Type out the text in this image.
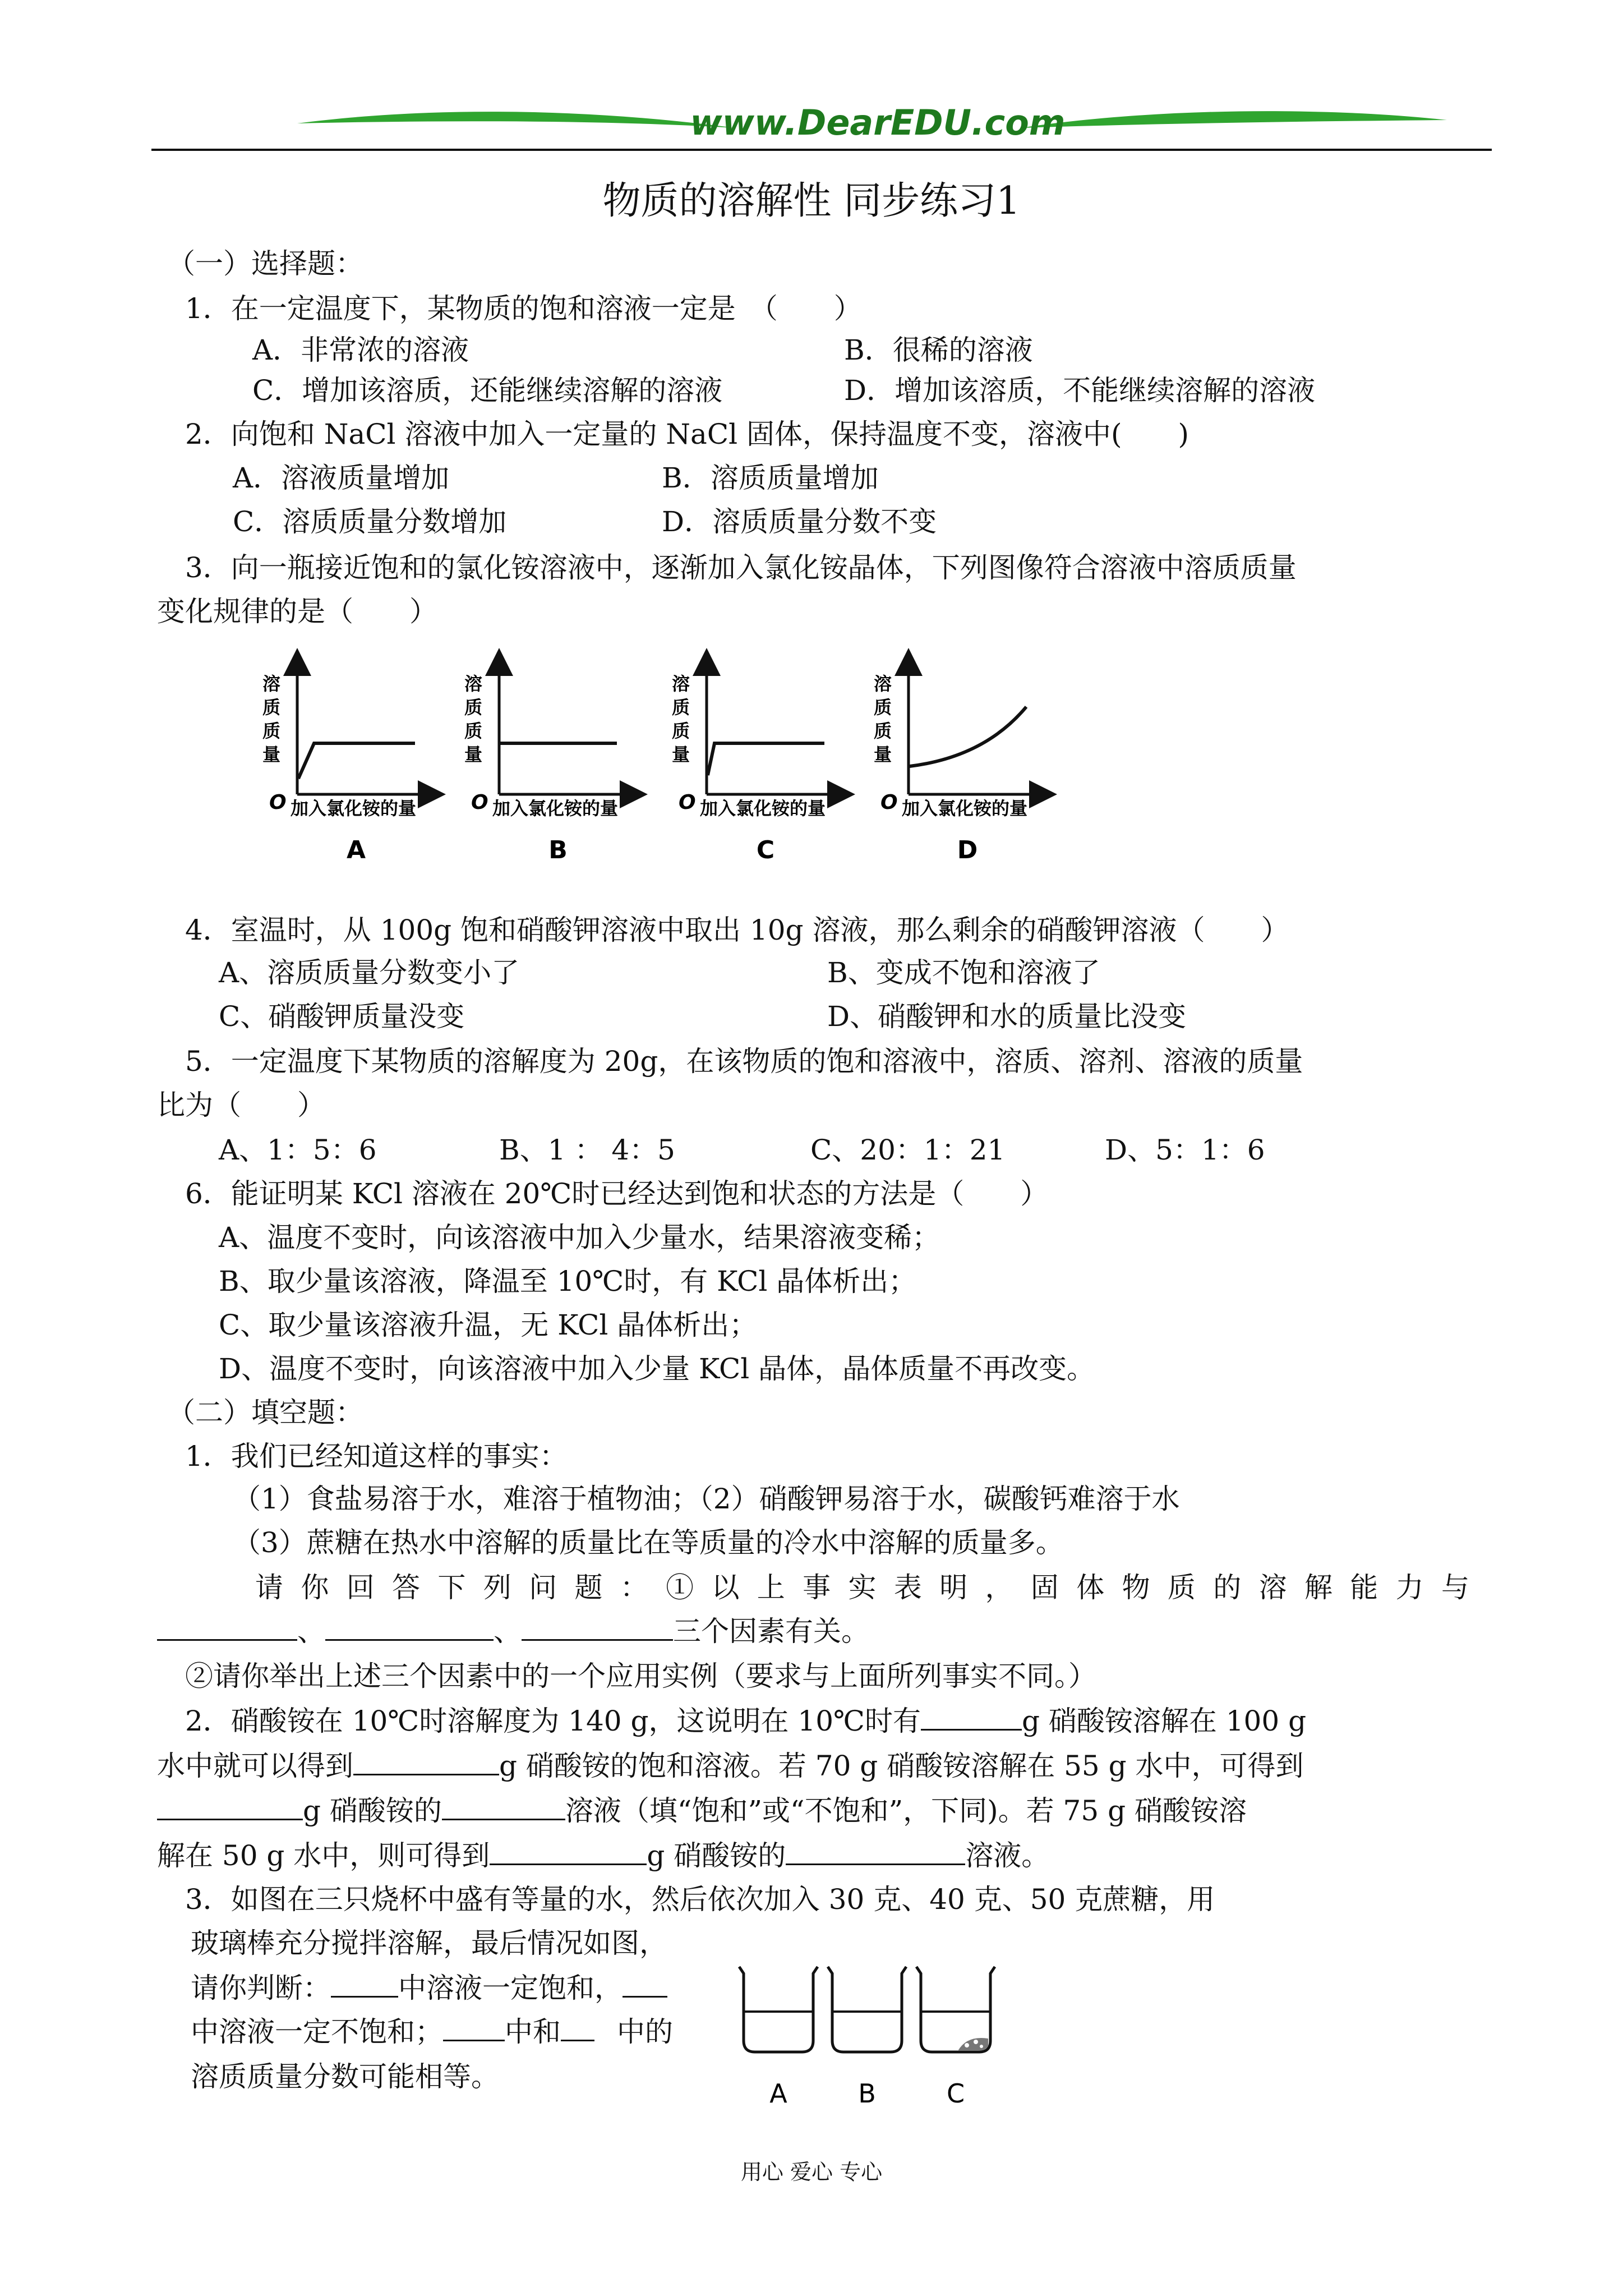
www.DearEDU.com
物质的溶解性 同步练习1
（一）选择题：
1．在一定温度下，某物质的饱和溶液一定是　（　　）
A．非常浓的溶液	B．很稀的溶液
C．增加该溶质，还能继续溶解的溶液	D．增加该溶质，不能继续溶解的溶液
2．向饱和 NaCl 溶液中加入一定量的 NaCl 固体，保持温度不变，溶液中(　　)
A．溶液质量增加	B．溶质质量增加
C．溶质质量分数增加	D．溶质质量分数不变
3．向一瓶接近饱和的氯化铵溶液中，逐渐加入氯化铵晶体，下列图像符合溶液中溶质质量
变化规律的是（　　）
溶
质
质
量
O 加入氯化铵的量
A
溶
质
质
量
O 加入氯化铵的量
B
溶
质
质
量
O 加入氯化铵的量
C
溶
质
质
量
O 加入氯化铵的量
D
4．室温时，从 100g 饱和硝酸钾溶液中取出 10g 溶液，那么剩余的硝酸钾溶液（　　）
A、溶质质量分数变小了	B、变成不饱和溶液了
C、硝酸钾质量没变	D、硝酸钾和水的质量比没变
5．一定温度下某物质的溶解度为 20g，在该物质的饱和溶液中，溶质、溶剂、溶液的质量
比为（　　）
A、1：5：6	B、1 ： 4：5	C、20：1：21	D、5：1：6
6．能证明某 KCl 溶液在 20℃时已经达到饱和状态的方法是（　　）
A、温度不变时，向该溶液中加入少量水，结果溶液变稀；
B、取少量该溶液，降温至 10℃时，有 KCl 晶体析出；
C、取少量该溶液升温，无 KCl 晶体析出；
D、温度不变时，向该溶液中加入少量 KCl 晶体，晶体质量不再改变。
（二）填空题：
1．我们已经知道这样的事实：
（1）食盐易溶于水，难溶于植物油；（2）硝酸钾易溶于水，碳酸钙难溶于水
（3）蔗糖在热水中溶解的质量比在等质量的冷水中溶解的质量多。
请你回答下列问题：①以上事实表明，固体物质的溶解能力与
、	、	三个因素有关。
②请你举出上述三个因素中的一个应用实例（要求与上面所列事实不同。）
2．硝酸铵在 10℃时溶解度为 140 g，这说明在 10℃时有	g 硝酸铵溶解在 100 g
水中就可以得到	g 硝酸铵的饱和溶液。若 70 g 硝酸铵溶解在 55 g 水中，可得到
g 硝酸铵的	溶液（填“饱和”或“不饱和”，下同)。若 75 g 硝酸铵溶
解在 50 g 水中，则可得到	g 硝酸铵的	溶液。
3．如图在三只烧杯中盛有等量的水，然后依次加入 30 克、40 克、50 克蔗糖，用
玻璃棒充分搅拌溶解，最后情况如图，
请你判断： 中溶液一定饱和，
中溶液一定不饱和； 中和 中的
溶质质量分数可能相等。
A	B	C
用心 爱心 专心
